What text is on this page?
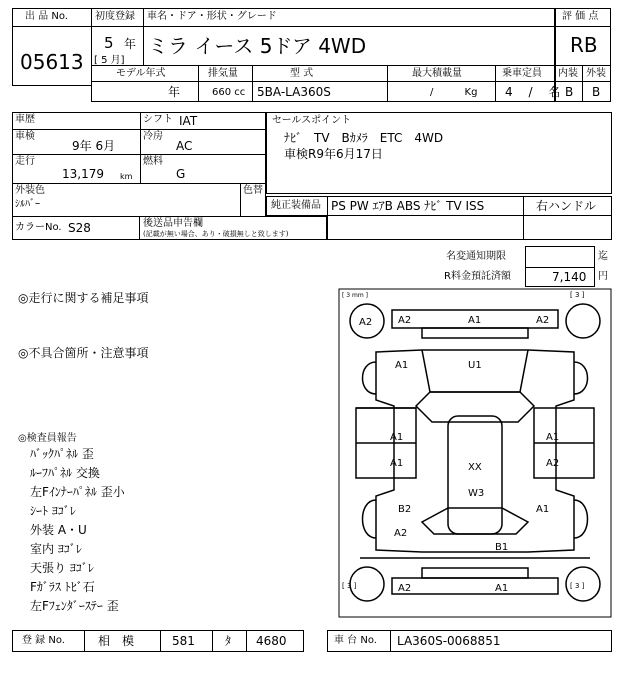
出 品 No.
05613
初度登録 車名・ドア・形状・グレード
5 年
[ 5 月]
ミラ イース 5ドア 4WD
評 価 点
RB
内装 外装
B B
モデル年式	排気量	型 式	最大積載量	乗車定員
年	660 cc 5BA-LA360S	/ Kg 4 / 名
車歴	シフト IAT
車検
9年 6月
冷房
AC
走行
13,179 km
燃料
G
外装色
ｼﾙﾊﾞｰ
色替
カラーNo. S28	後送品申告欄
(記載が無い場合、あり・破損無しと致します)
セールスポイント
ﾅﾋﾞ　TV　Bｶﾒﾗ　ETC　4WD
車検R9年6月17日
純正装備品 PS PW ｴｱB ABS ﾅﾋﾞ TV ISS	右ハンドル
名変通知期限	迄
R料金預託済額	7,140 円
◎走行に関する補足事項
◎不具合箇所・注意事項
◎検査員報告
ﾊﾞｯｸﾊﾟﾈﾙ 歪
ﾙｰﾌﾊﾟﾈﾙ 交換
左Fｲﾝﾅｰﾊﾟﾈﾙ 歪小
ｼｰﾄ ﾖｺﾞﾚ
外装 A・U
室内 ﾖｺﾞﾚ
天張り ﾖｺﾞﾚ
Fｶﾞﾗｽ ﾄﾋﾞ石
左Fﾌｪﾝﾀﾞｰｽﾃｰ 歪
[ 3 mm ]	[ 3 ]
[ 3 ]	[ 3 ]
A2	A2	A1	A2
U1
A1
A1	A1
A1	A2
XX
W3
B2	A1
A2
B1
A2	A1
登 録 No.	相　模	581	ﾀ 4680	車 台 No. LA360S-0068851
